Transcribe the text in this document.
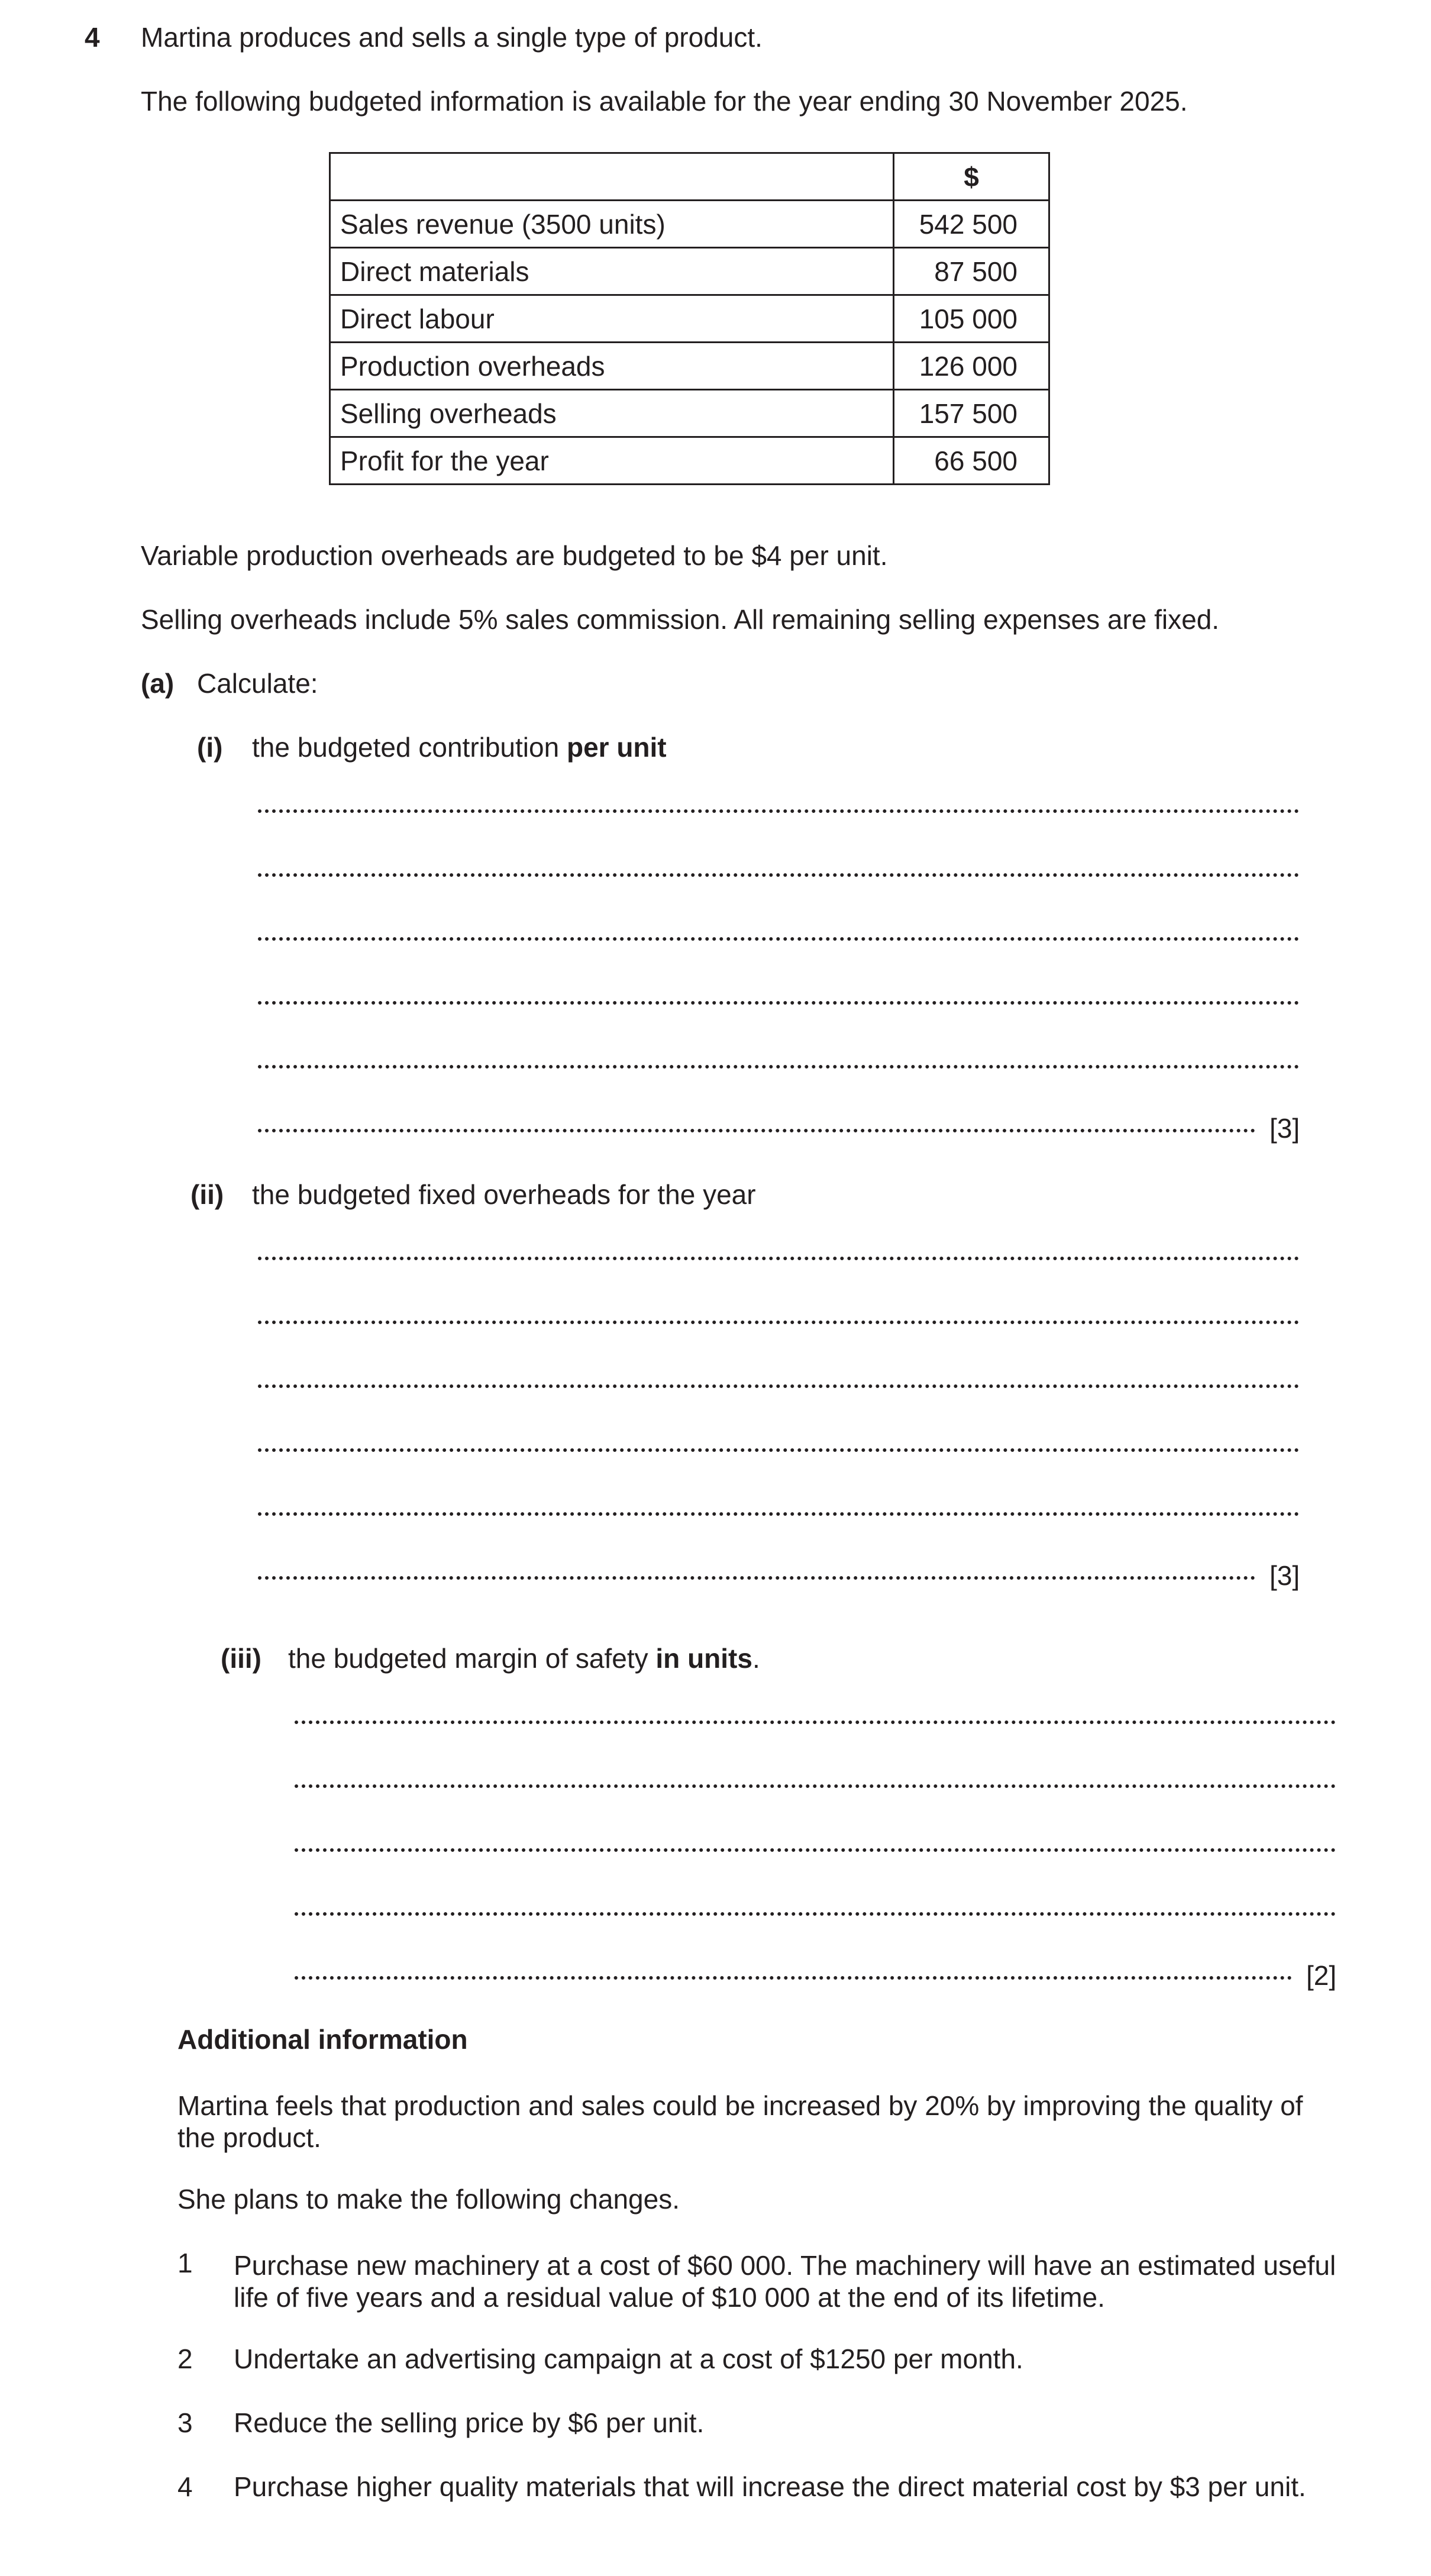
4 Martina produces and sells a single type of product.
The following budgeted information is available for the year ending 30 November 2025.
	$
Sales revenue (3500 units)	542 500
Direct materials	87 500
Direct labour	105 000
Production overheads	126 000
Selling overheads	157 500
Profit for the year	66 500
Variable production overheads are budgeted to be $4 per unit.
Selling overheads include 5% sales commission. All remaining selling expenses are fixed.
(a) Calculate:
(i) the budgeted contribution per unit
[3]
(ii) the budgeted fixed overheads for the year
[3]
(iii) the budgeted margin of safety in units.
[2]
Additional information
Martina feels that production and sales could be increased by 20% by improving the quality of the product.
She plans to make the following changes.
1 Purchase new machinery at a cost of $60 000. The machinery will have an estimated useful life of five years and a residual value of $10 000 at the end of its lifetime.
2 Undertake an advertising campaign at a cost of $1250 per month.
3 Reduce the selling price by $6 per unit.
4 Purchase higher quality materials that will increase the direct material cost by $3 per unit.
